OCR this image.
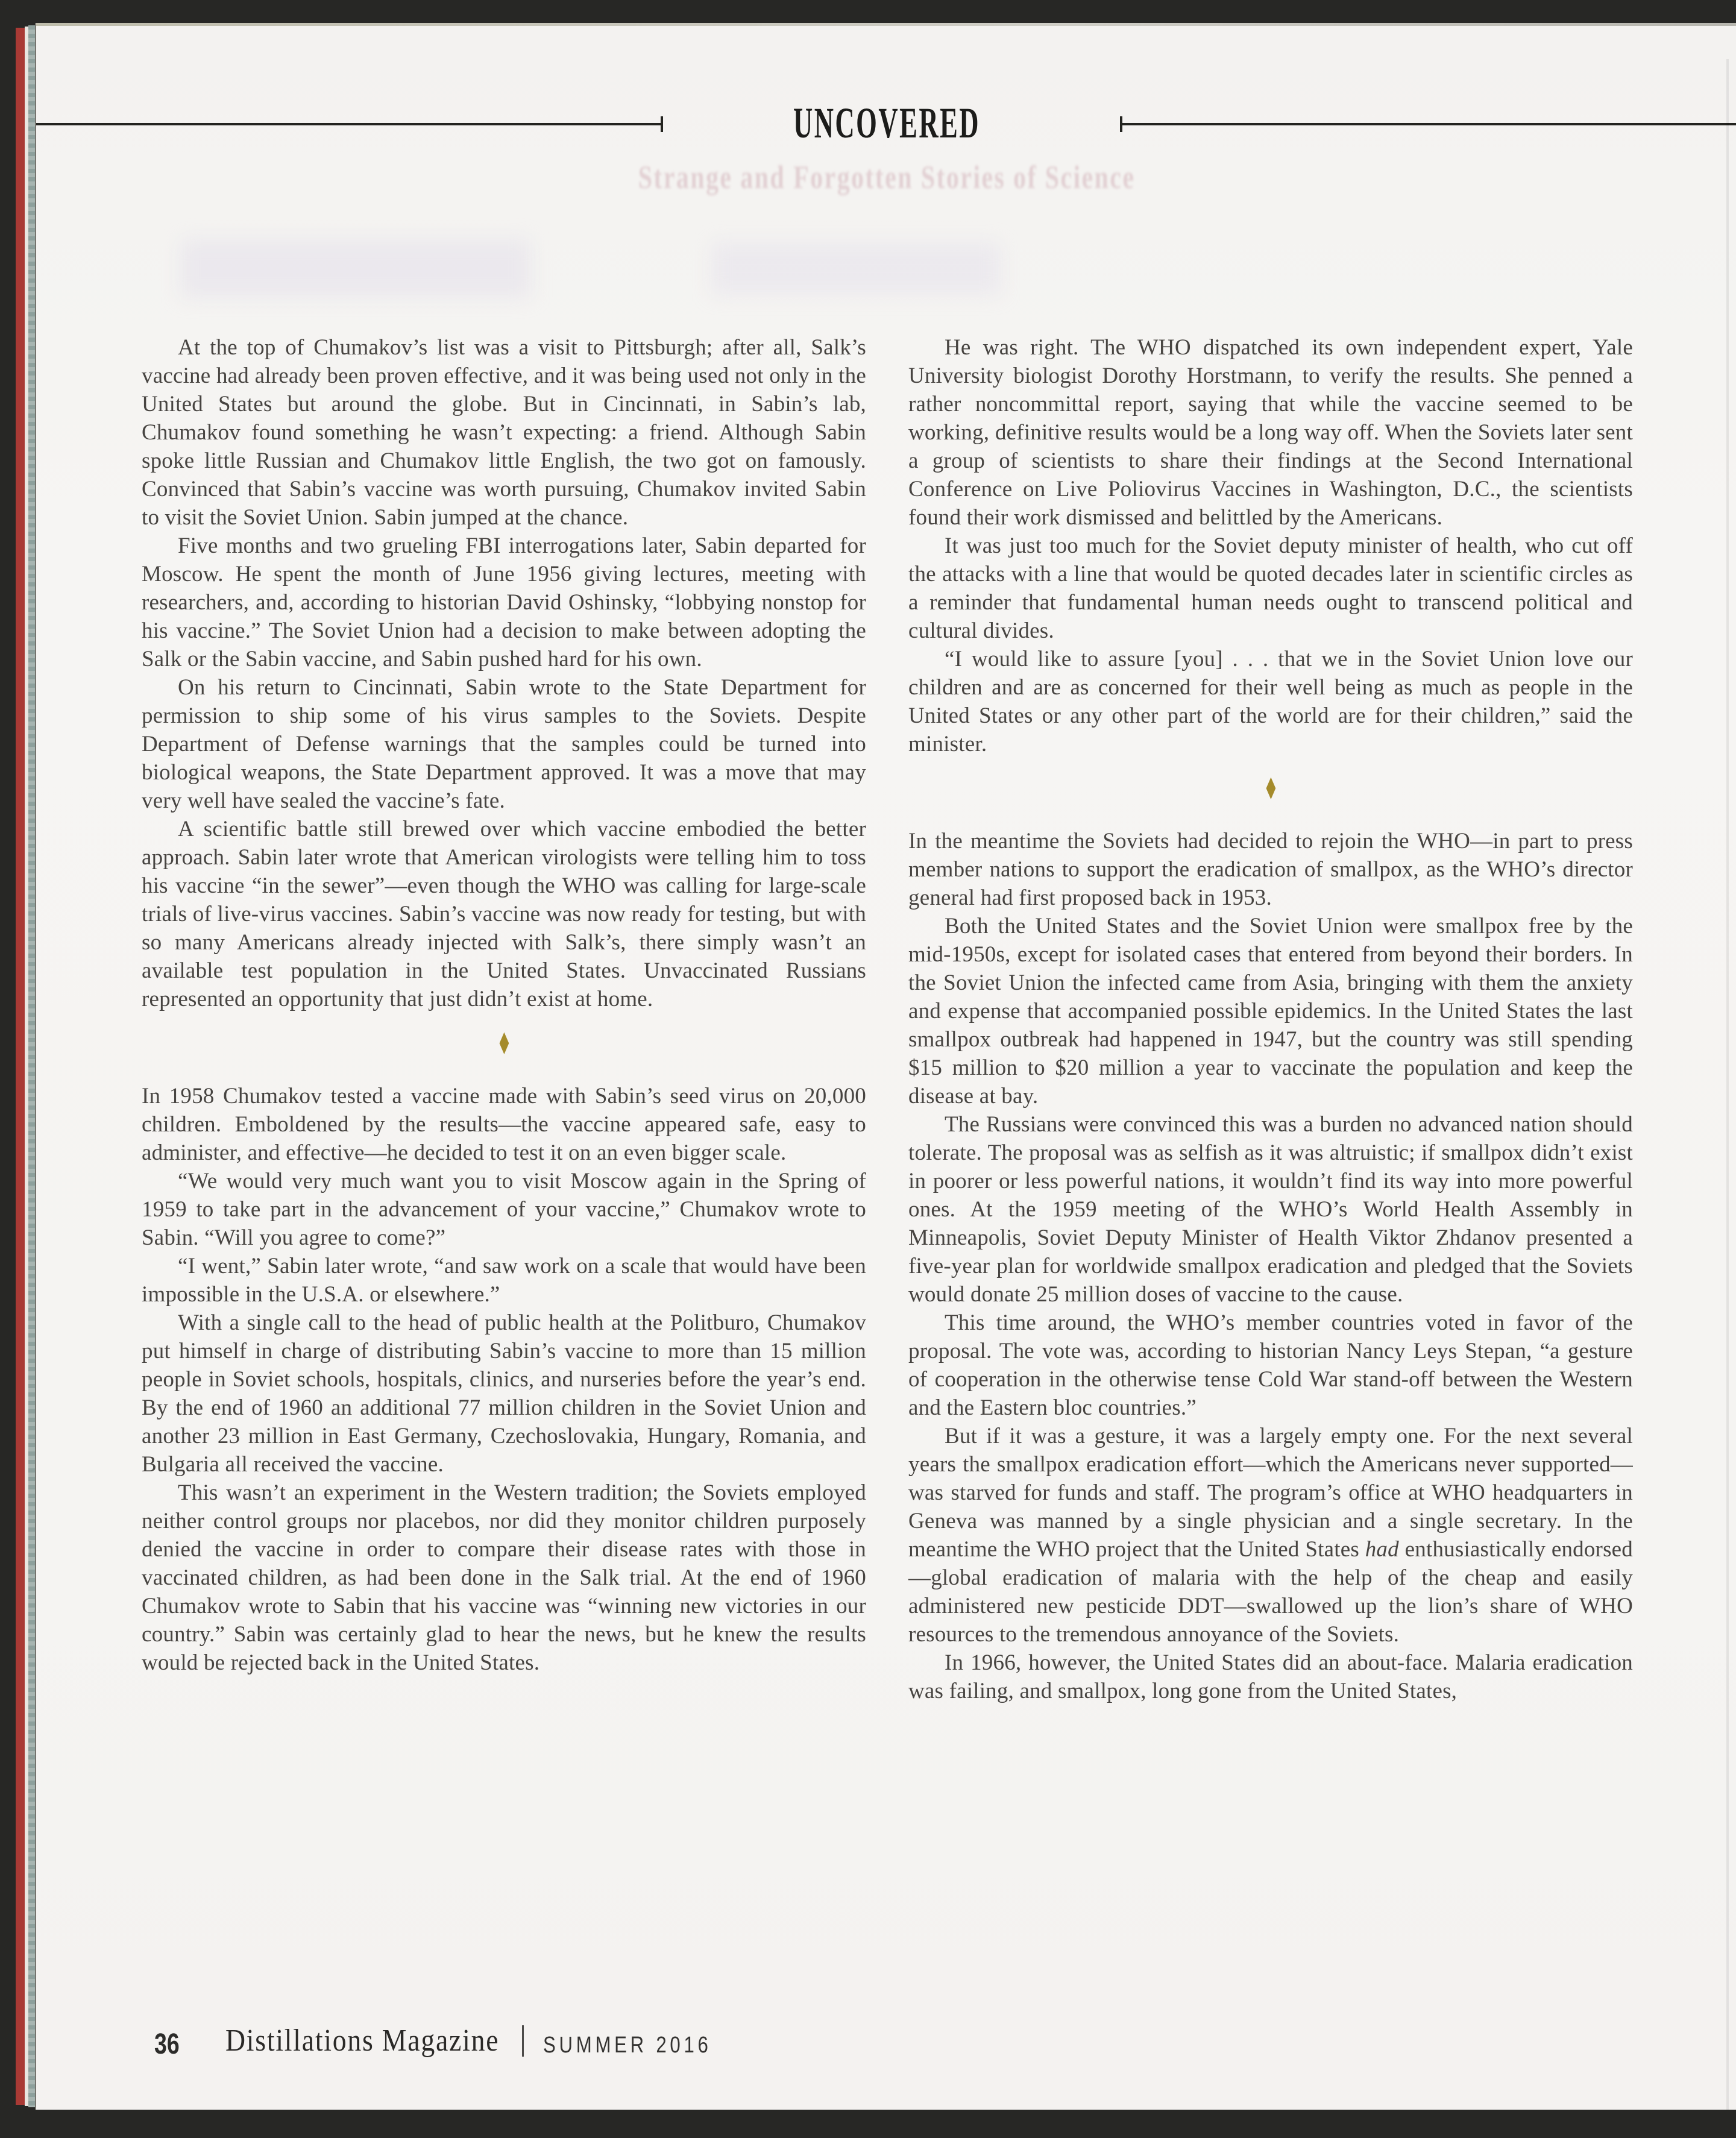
UNCOVERED
Strange and Forgotten Stories of Science

At the top of Chumakov’s list was a visit to Pittsburgh; after all, Salk’s vaccine had already been proven effective, and it was being used not only in the United States but around the globe. But in Cincinnati, in Sabin’s lab, Chumakov found something he wasn’t expecting: a friend. Although Sabin spoke little Russian and Chumakov little English, the two got on famously. Convinced that Sabin’s vaccine was worth pursuing, Chumakov invited Sabin to visit the Soviet Union. Sabin jumped at the chance.

Five months and two grueling FBI interrogations later, Sabin departed for Moscow. He spent the month of June 1956 giving lectures, meeting with researchers, and, according to historian David Oshinsky, “lobbying nonstop for his vaccine.” The Soviet Union had a decision to make between adopting the Salk or the Sabin vaccine, and Sabin pushed hard for his own.

On his return to Cincinnati, Sabin wrote to the State Department for permission to ship some of his virus samples to the Soviets. Despite Department of Defense warnings that the samples could be turned into biological weapons, the State Department approved. It was a move that may very well have sealed the vaccine’s fate.

A scientific battle still brewed over which vaccine embodied the better approach. Sabin later wrote that American virologists were telling him to toss his vaccine “in the sewer”—even though the WHO was calling for large-scale trials of live-virus vaccines. Sabin’s vaccine was now ready for testing, but with so many Americans already injected with Salk’s, there simply wasn’t an available test population in the United States. Unvaccinated Russians represented an opportunity that just didn’t exist at home.

♦

In 1958 Chumakov tested a vaccine made with Sabin’s seed virus on 20,000 children. Emboldened by the results—the vaccine appeared safe, easy to administer, and effective—he decided to test it on an even bigger scale.

“We would very much want you to visit Moscow again in the Spring of 1959 to take part in the advancement of your vaccine,” Chumakov wrote to Sabin. “Will you agree to come?”

“I went,” Sabin later wrote, “and saw work on a scale that would have been impossible in the U.S.A. or elsewhere.”

With a single call to the head of public health at the Politburo, Chumakov put himself in charge of distributing Sabin’s vaccine to more than 15 million people in Soviet schools, hospitals, clinics, and nurseries before the year’s end. By the end of 1960 an additional 77 million children in the Soviet Union and another 23 million in East Germany, Czechoslovakia, Hungary, Romania, and Bulgaria all received the vaccine.

This wasn’t an experiment in the Western tradition; the Soviets employed neither control groups nor placebos, nor did they monitor children purposely denied the vaccine in order to compare their disease rates with those in vaccinated children, as had been done in the Salk trial. At the end of 1960 Chumakov wrote to Sabin that his vaccine was “winning new victories in our country.” Sabin was certainly glad to hear the news, but he knew the results would be rejected back in the United States.

He was right. The WHO dispatched its own independent expert, Yale University biologist Dorothy Horstmann, to verify the results. She penned a rather noncommittal report, saying that while the vaccine seemed to be working, definitive results would be a long way off. When the Soviets later sent a group of scientists to share their findings at the Second International Conference on Live Poliovirus Vaccines in Washington, D.C., the scientists found their work dismissed and belittled by the Americans.

It was just too much for the Soviet deputy minister of health, who cut off the attacks with a line that would be quoted decades later in scientific circles as a reminder that fundamental human needs ought to transcend political and cultural divides.

“I would like to assure [you] . . . that we in the Soviet Union love our children and are as concerned for their well being as much as people in the United States or any other part of the world are for their children,” said the minister.

♦

In the meantime the Soviets had decided to rejoin the WHO—in part to press member nations to support the eradication of smallpox, as the WHO’s director general had first proposed back in 1953.

Both the United States and the Soviet Union were smallpox free by the mid-1950s, except for isolated cases that entered from beyond their borders. In the Soviet Union the infected came from Asia, bringing with them the anxiety and expense that accompanied possible epidemics. In the United States the last smallpox outbreak had happened in 1947, but the country was still spending $15 million to $20 million a year to vaccinate the population and keep the disease at bay.

The Russians were convinced this was a burden no advanced nation should tolerate. The proposal was as selfish as it was altruistic; if smallpox didn’t exist in poorer or less powerful nations, it wouldn’t find its way into more powerful ones. At the 1959 meeting of the WHO’s World Health Assembly in Minneapolis, Soviet Deputy Minister of Health Viktor Zhdanov presented a five-year plan for worldwide smallpox eradication and pledged that the Soviets would donate 25 million doses of vaccine to the cause.

This time around, the WHO’s member countries voted in favor of the proposal. The vote was, according to historian Nancy Leys Stepan, “a gesture of cooperation in the otherwise tense Cold War stand-off between the Western and the Eastern bloc countries.”

But if it was a gesture, it was a largely empty one. For the next several years the smallpox eradication effort—which the Americans never supported—was starved for funds and staff. The program’s office at WHO headquarters in Geneva was manned by a single physician and a single secretary. In the meantime the WHO project that the United States had enthusiastically endorsed—global eradication of malaria with the help of the cheap and easily administered new pesticide DDT—swallowed up the lion’s share of WHO resources to the tremendous annoyance of the Soviets.

In 1966, however, the United States did an about-face. Malaria eradication was failing, and smallpox, long gone from the United States,

36 Distillations Magazine SUMMER 2016
